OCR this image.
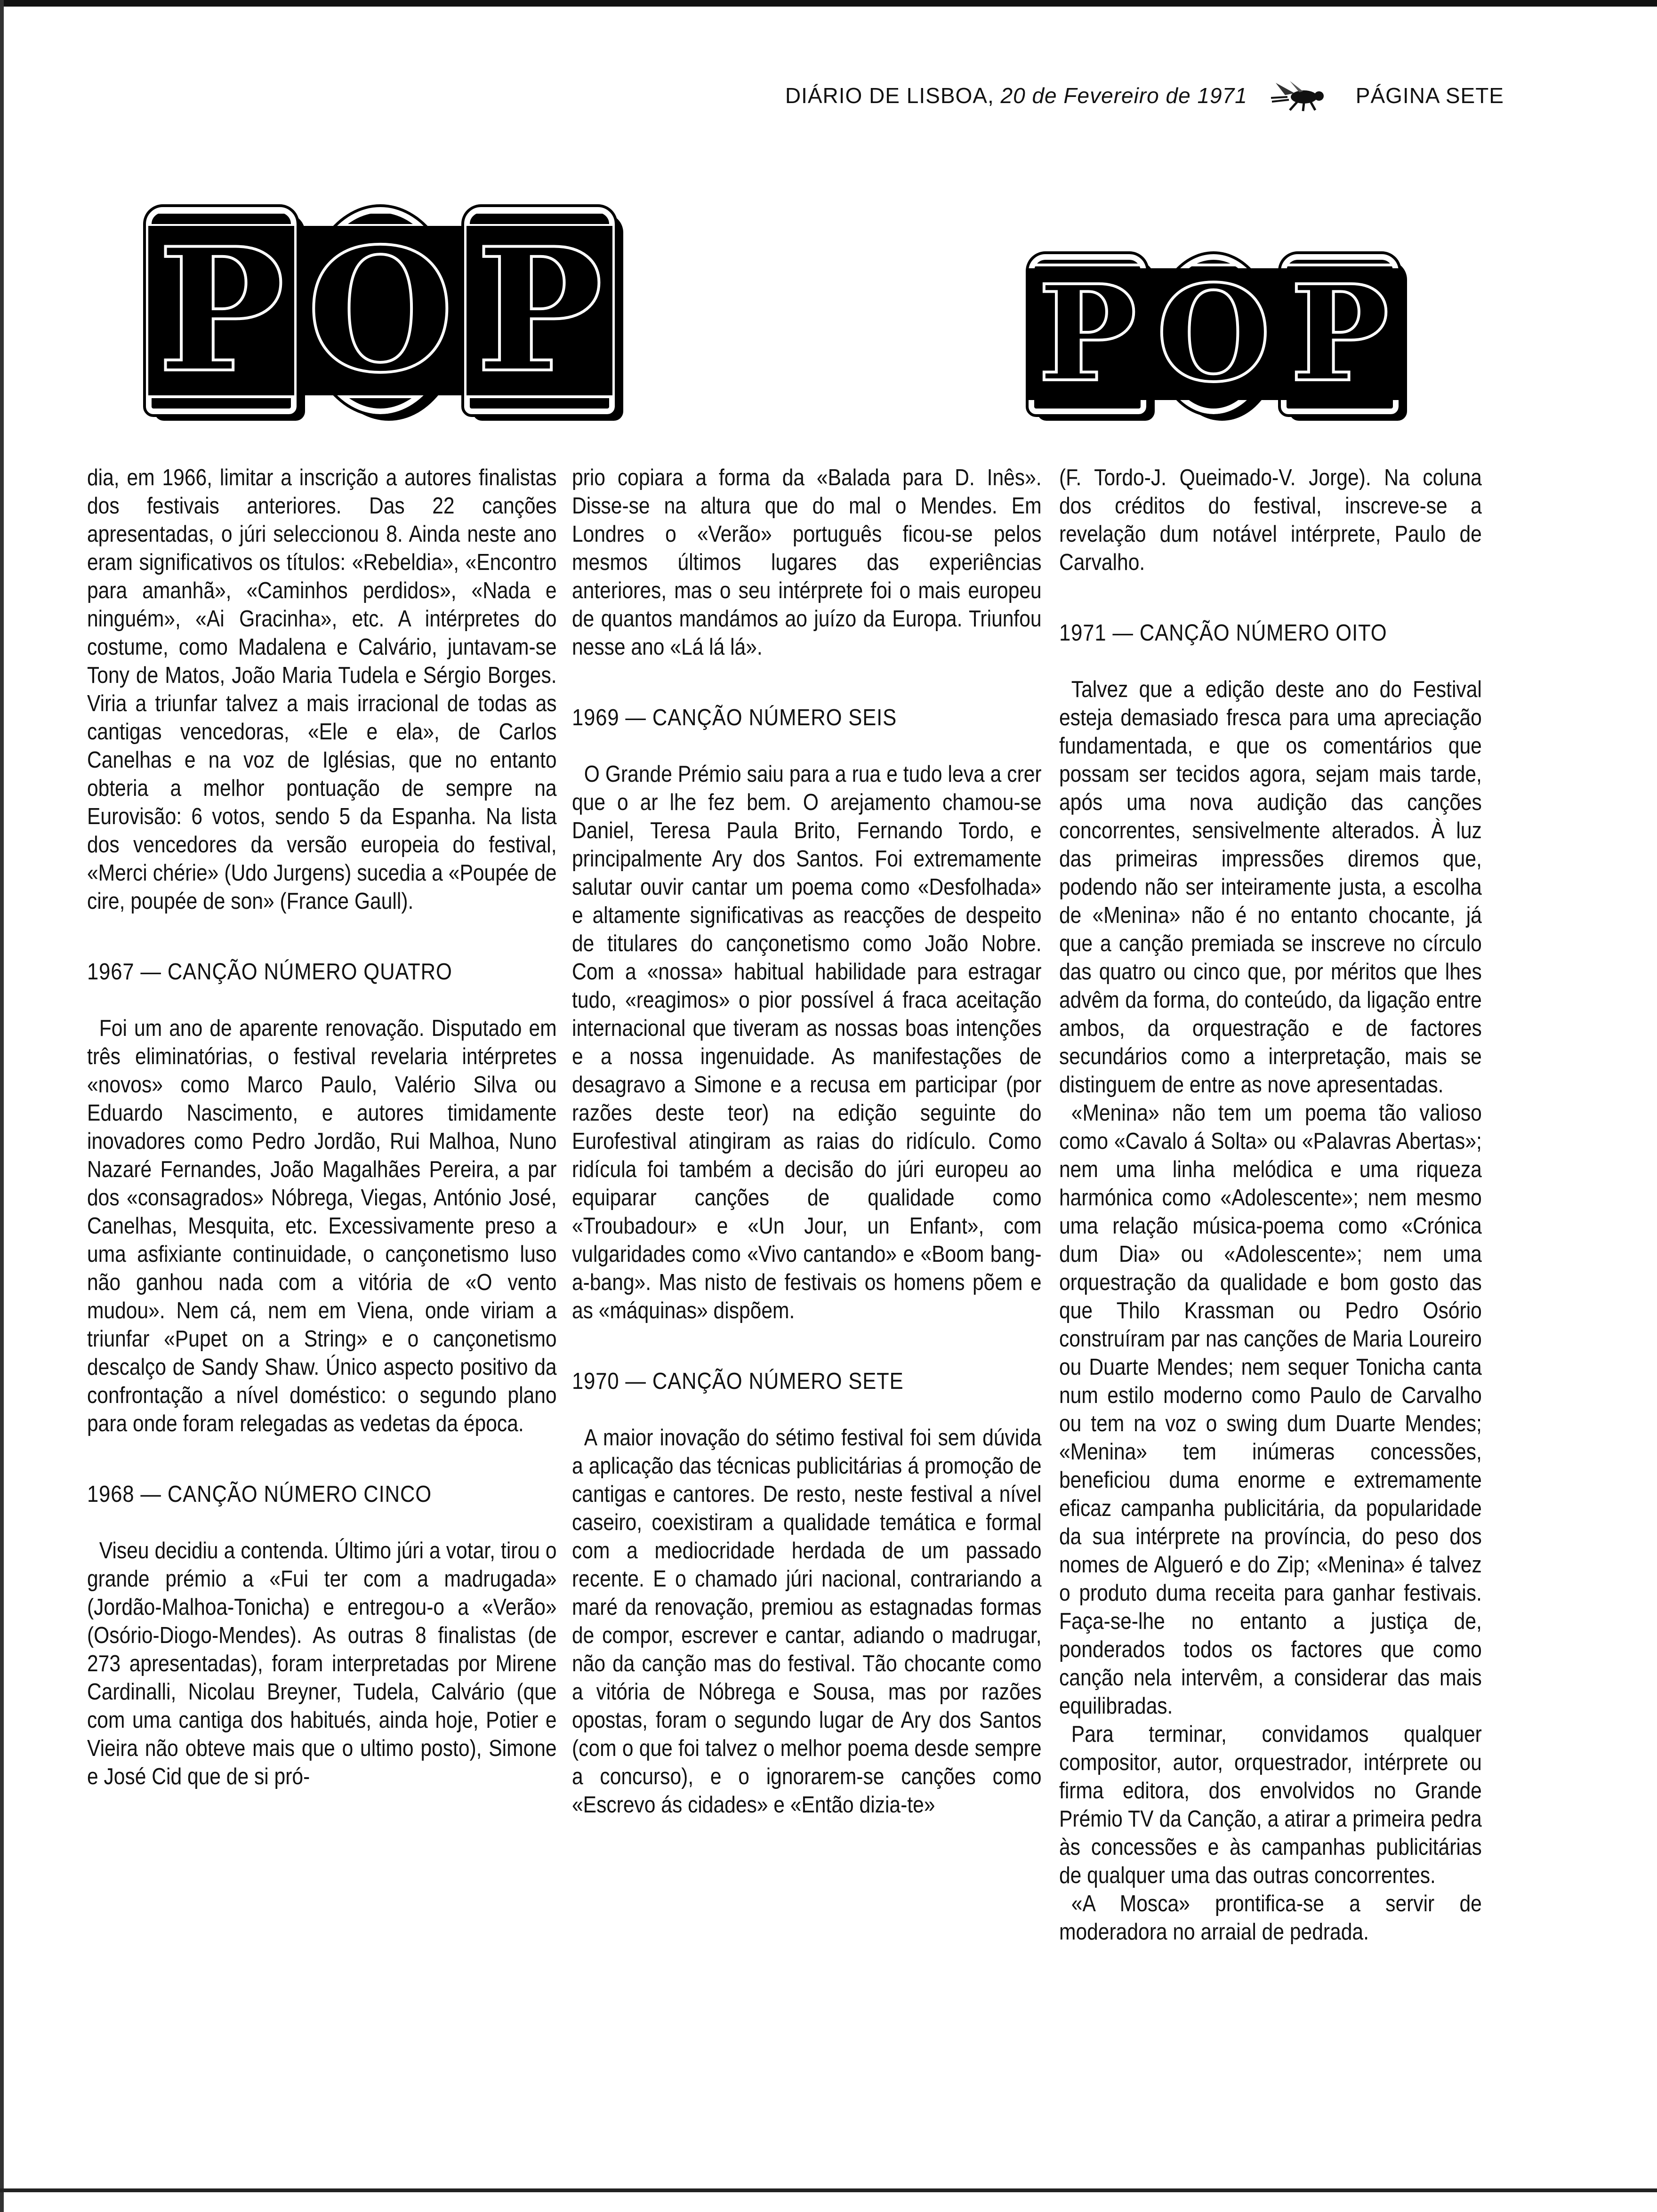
DIÁRIO DE LISBOA, 20 de Fevereiro de 1971	PÁGINA SETE
P O P	P O P

dia, em 1966, limitar a inscrição a autores finalistas dos festivais anteriores. Das 22 canções apresentadas, o júri seleccionou 8. Ainda neste ano eram significativos os títulos: «Rebeldia», «Encontro para amanhã», «Caminhos perdidos», «Nada e ninguém», «Ai Gracinha», etc. A intérpretes do costume, como Madalena e Calvário, juntavam-se Tony de Matos, João Maria Tudela e Sérgio Borges. Viria a triunfar talvez a mais irracional de todas as cantigas vencedoras, «Ele e ela», de Carlos Canelhas e na voz de Iglésias, que no entanto obteria a melhor pontuação de sempre na Eurovisão: 6 votos, sendo 5 da Espanha. Na lista dos vencedores da versão europeia do festival, «Merci chérie» (Udo Jurgens) sucedia a «Poupée de cire, poupée de son» (France Gaull).

1967 — CANÇÃO NÚMERO QUATRO

Foi um ano de aparente renovação. Disputado em três eliminatórias, o festival revelaria intérpretes «novos» como Marco Paulo, Valério Silva ou Eduardo Nascimento, e autores timidamente inovadores como Pedro Jordão, Rui Malhoa, Nuno Nazaré Fernandes, João Magalhães Pereira, a par dos «consagrados» Nóbrega, Viegas, António José, Canelhas, Mesquita, etc. Excessivamente preso a uma asfixiante continuidade, o cançonetismo luso não ganhou nada com a vitória de «O vento mudou». Nem cá, nem em Viena, onde viriam a triunfar «Pupet on a String» e o cançonetismo descalço de Sandy Shaw. Único aspecto positivo da confrontação a nível doméstico: o segundo plano para onde foram relegadas as vedetas da época.

1968 — CANÇÃO NÚMERO CINCO

Viseu decidiu a contenda. Último júri a votar, tirou o grande prémio a «Fui ter com a madrugada» (Jordão-Malhoa-Tonicha) e entregou-o a «Verão» (Osório-Diogo-Mendes). As outras 8 finalistas (de 273 apresentadas), foram interpretadas por Mirene Cardinalli, Nicolau Breyner, Tudela, Calvário (que com uma cantiga dos habitués, ainda hoje, Potier e Vieira não obteve mais que o ultimo posto), Simone e José Cid que de si pró-

prio copiara a forma da «Balada para D. Inês». Disse-se na altura que do mal o Mendes. Em Londres o «Verão» português ficou-se pelos mesmos últimos lugares das experiências anteriores, mas o seu intérprete foi o mais europeu de quantos mandámos ao juízo da Europa. Triunfou nesse ano «Lá lá lá».

1969 — CANÇÃO NÚMERO SEIS

O Grande Prémio saiu para a rua e tudo leva a crer que o ar lhe fez bem. O arejamento chamou-se Daniel, Teresa Paula Brito, Fernando Tordo, e principalmente Ary dos Santos. Foi extremamente salutar ouvir cantar um poema como «Desfolhada» e altamente significativas as reacções de despeito de titulares do cançonetismo como João Nobre. Com a «nossa» habitual habilidade para estragar tudo, «reagimos» o pior possível á fraca aceitação internacional que tiveram as nossas boas intenções e a nossa ingenuidade. As manifestações de desagravo a Simone e a recusa em participar (por razões deste teor) na edição seguinte do Eurofestival atingiram as raias do ridículo. Como ridícula foi também a decisão do júri europeu ao equiparar canções de qualidade como «Troubadour» e «Un Jour, un Enfant», com vulgaridades como «Vivo cantando» e «Boom bang-a-bang». Mas nisto de festivais os homens põem e as «máquinas» dispõem.

1970 — CANÇÃO NÚMERO SETE

A maior inovação do sétimo festival foi sem dúvida a aplicação das técnicas publicitárias á promoção de cantigas e cantores. De resto, neste festival a nível caseiro, coexistiram a qualidade temática e formal com a mediocridade herdada de um passado recente. E o chamado júri nacional, contrariando a maré da renovação, premiou as estagnadas formas de compor, escrever e cantar, adiando o madrugar, não da canção mas do festival. Tão chocante como a vitória de Nóbrega e Sousa, mas por razões opostas, foram o segundo lugar de Ary dos Santos (com o que foi talvez o melhor poema desde sempre a concurso), e o ignorarem-se canções como «Escrevo ás cidades» e «Então dizia-te»

(F. Tordo-J. Queimado-V. Jorge). Na coluna dos créditos do festival, inscreve-se a revelação dum notável intérprete, Paulo de Carvalho.

1971 — CANÇÃO NÚMERO OITO

Talvez que a edição deste ano do Festival esteja demasiado fresca para uma apreciação fundamentada, e que os comentários que possam ser tecidos agora, sejam mais tarde, após uma nova audição das canções concorrentes, sensivelmente alterados. À luz das primeiras impressões diremos que, podendo não ser inteiramente justa, a escolha de «Menina» não é no entanto chocante, já que a canção premiada se inscreve no círculo das quatro ou cinco que, por méritos que lhes advêm da forma, do conteúdo, da ligação entre ambos, da orquestração e de factores secundários como a interpretação, mais se distinguem de entre as nove apresentadas.

«Menina» não tem um poema tão valioso como «Cavalo á Solta» ou «Palavras Abertas»; nem uma linha melódica e uma riqueza harmónica como «Adolescente»; nem mesmo uma relação música-poema como «Crónica dum Dia» ou «Adolescente»; nem uma orquestração da qualidade e bom gosto das que Thilo Krassman ou Pedro Osório construíram par nas canções de Maria Loureiro ou Duarte Mendes; nem sequer Tonicha canta num estilo moderno como Paulo de Carvalho ou tem na voz o swing dum Duarte Mendes; «Menina» tem inúmeras concessões, beneficiou duma enorme e extremamente eficaz campanha publicitária, da popularidade da sua intérprete na província, do peso dos nomes de Algueró e do Zip; «Menina» é talvez o produto duma receita para ganhar festivais. Faça-se-lhe no entanto a justiça de, ponderados todos os factores que como canção nela intervêm, a considerar das mais equilibradas.

Para terminar, convidamos qualquer compositor, autor, orquestrador, intérprete ou firma editora, dos envolvidos no Grande Prémio TV da Canção, a atirar a primeira pedra às concessões e às campanhas publicitárias de qualquer uma das outras concorrentes.

«A Mosca» prontifica-se a servir de moderadora no arraial de pedrada.
